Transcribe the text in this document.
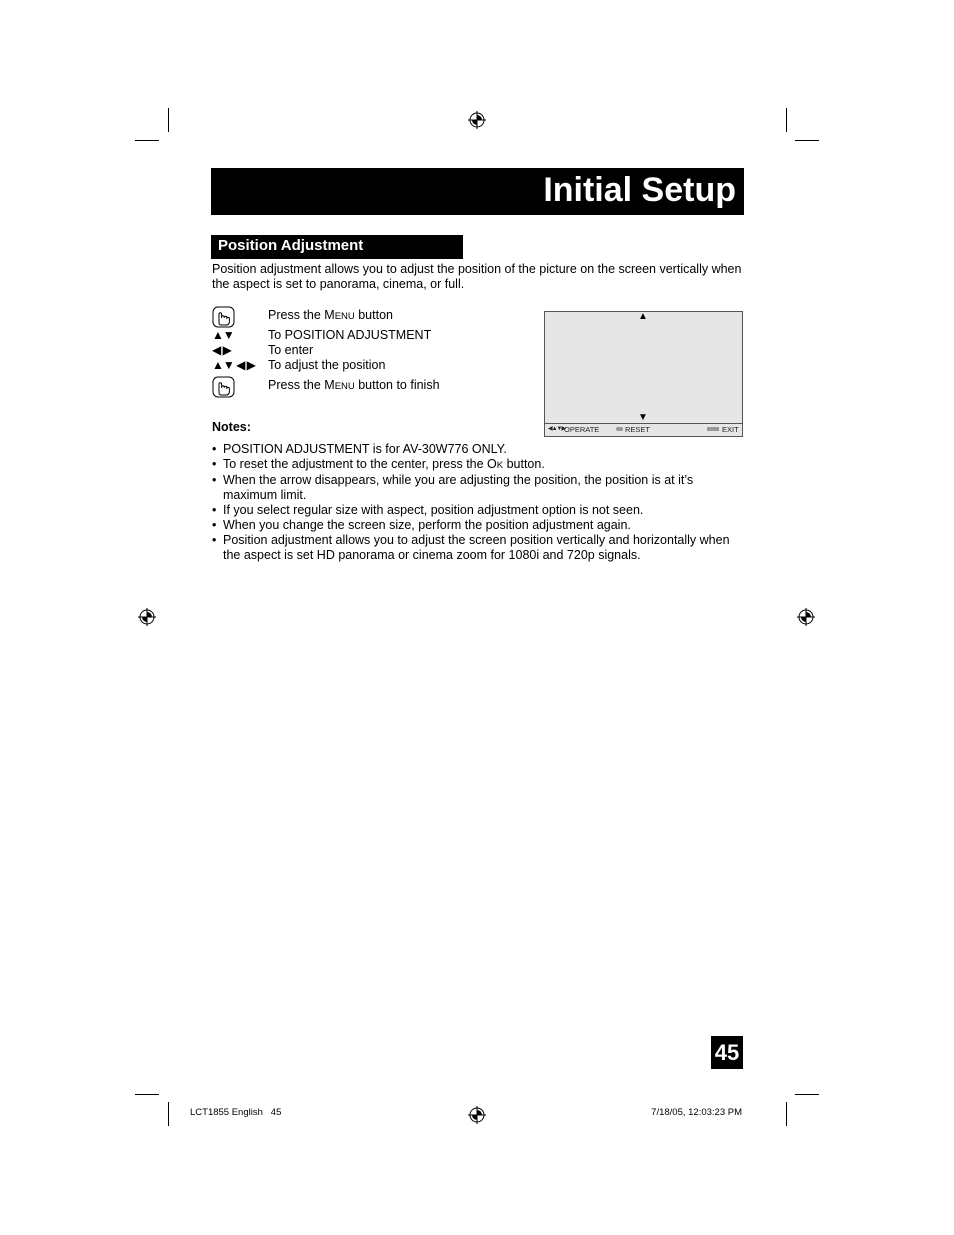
Initial Setup
Position Adjustment
Position adjustment allows you to adjust the position of the picture on the screen vertically when the aspect is set to panorama, cinema, or full.
Press the MENU button
▲▼	To POSITION ADJUSTMENT
◀ ▶	To enter
▲▼ ◀ ▶ To adjust the position
Press the MENU button to finish
▲
▼
◀▲▼▶
OPERATE	RESET	EXIT
Notes:
• POSITION ADJUSTMENT is for AV-30W776 ONLY.
• To reset the adjustment to the center, press the OK button.
• When the arrow disappears, while you are adjusting the position, the position is at it’s maximum limit.
• If you select regular size with aspect, position adjustment option is not seen.
• When you change the screen size, perform the position adjustment again.
• Position adjustment allows you to adjust the screen position vertically and horizontally when the aspect is set HD panorama or cinema zoom for 1080i and 720p signals.
45
LCT1855 English   45	7/18/05, 12:03:23 PM
